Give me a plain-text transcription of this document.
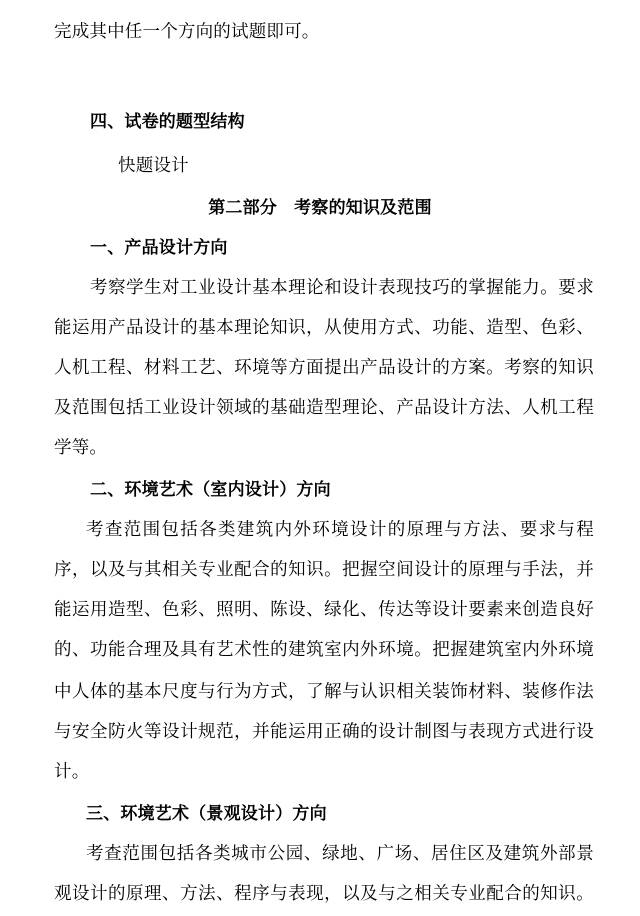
完成其中任一个方向的试题即可。
四、试卷的题型结构
快题设计
第二部分　考察的知识及范围
一、产品设计方向
考察学生对工业设计基本理论和设计表现技巧的掌握能力。要求
能运用产品设计的基本理论知识，从使用方式、功能、造型、色彩、
人机工程、材料工艺、环境等方面提出产品设计的方案。考察的知识
及范围包括工业设计领域的基础造型理论、产品设计方法、人机工程
学等。
二、环境艺术（室内设计）方向
考查范围包括各类建筑内外环境设计的原理与方法、要求与程
序，以及与其相关专业配合的知识。把握空间设计的原理与手法，并
能运用造型、色彩、照明、陈设、绿化、传达等设计要素来创造良好
的、功能合理及具有艺术性的建筑室内外环境。把握建筑室内外环境
中人体的基本尺度与行为方式，了解与认识相关装饰材料、装修作法
与安全防火等设计规范，并能运用正确的设计制图与表现方式进行设
计。
三、环境艺术（景观设计）方向
考查范围包括各类城市公园、绿地、广场、居住区及建筑外部景
观设计的原理、方法、程序与表现，以及与之相关专业配合的知识。
